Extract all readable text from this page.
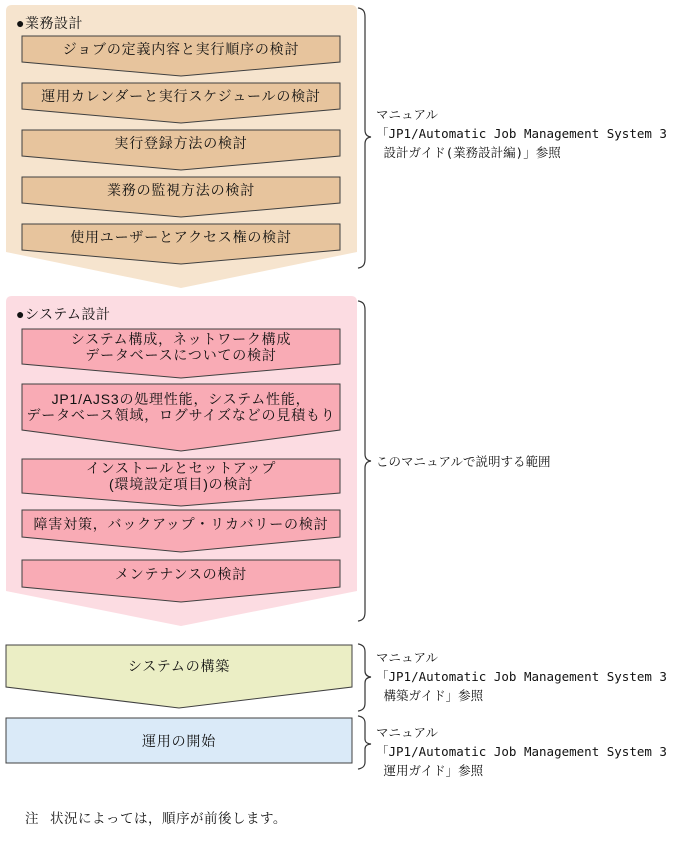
●業務設計
●システム設計
ジョブの定義内容と実行順序の検討
運用カレンダーと実行スケジュールの検討
実行登録方法の検討
業務の監視方法の検討
使用ユーザーとアクセス権の検討
システム構成，ネットワーク構成
データベースについての検討
JP1/AJS3の処理性能，システム性能，
データベース領域，ログサイズなどの見積もり
インストールとセットアップ
(環境設定項目)の検討
障害対策，バックアップ・リカバリーの検討
メンテナンスの検討
システムの構築
運用の開始
マニュアル
「JP1/Automatic Job Management System 3
設計ガイド(業務設計編)」参照
このマニュアルで説明する範囲
マニュアル
「JP1/Automatic Job Management System 3
構築ガイド」参照
マニュアル
「JP1/Automatic Job Management System 3
運用ガイド」参照

注 状況によっては，順序が前後します。
